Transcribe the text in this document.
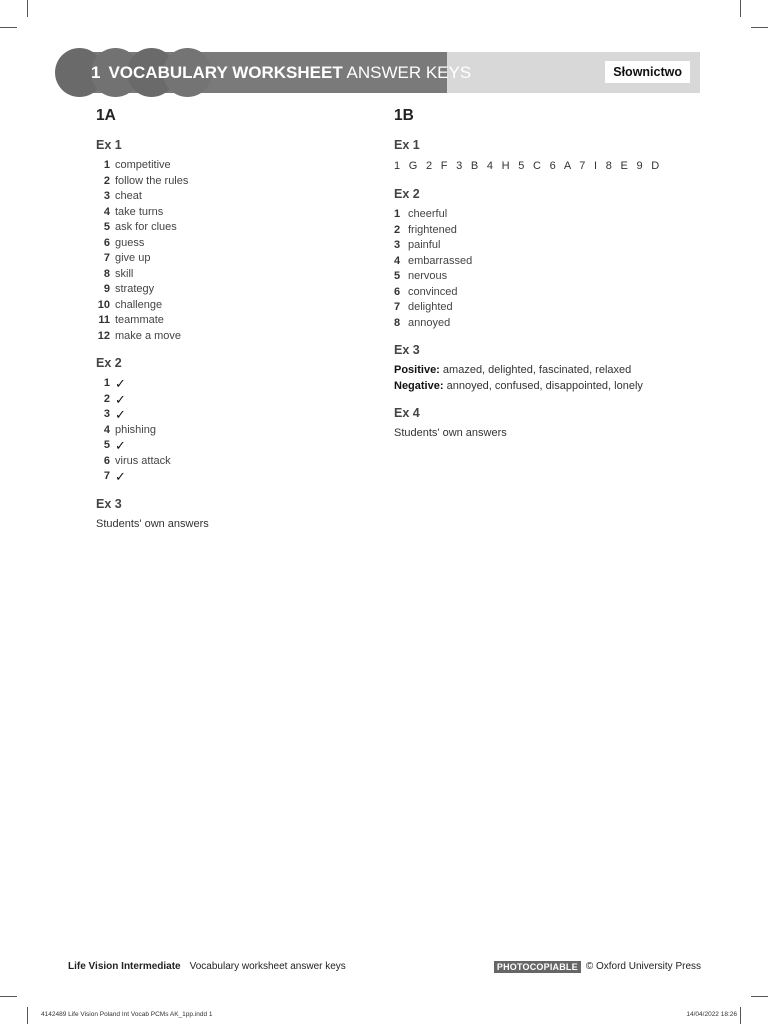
1 VOCABULARY WORKSHEET ANSWER KEYS	Słownictwo
1A
Ex 1
1 competitive
2 follow the rules
3 cheat
4 take turns
5 ask for clues
6 guess
7 give up
8 skill
9 strategy
10 challenge
11 teammate
12 make a move
Ex 2
1 ✓
2 ✓
3 ✓
4 phishing
5 ✓
6 virus attack
7 ✓
Ex 3
Students' own answers
1B
Ex 1
1 G 2 F 3 B 4 H 5 C 6 A 7 I 8 E 9 D
Ex 2
1 cheerful
2 frightened
3 painful
4 embarrassed
5 nervous
6 convinced
7 delighted
8 annoyed
Ex 3
Positive: amazed, delighted, fascinated, relaxed
Negative: annoyed, confused, disappointed, lonely
Ex 4
Students' own answers
Life Vision Intermediate Vocabulary worksheet answer keys	PHOTOCOPIABLE © Oxford University Press
4142489 Life Vision Poland Int Vocab PCMs AK_1pp.indd 1	14/04/2022 18:26
